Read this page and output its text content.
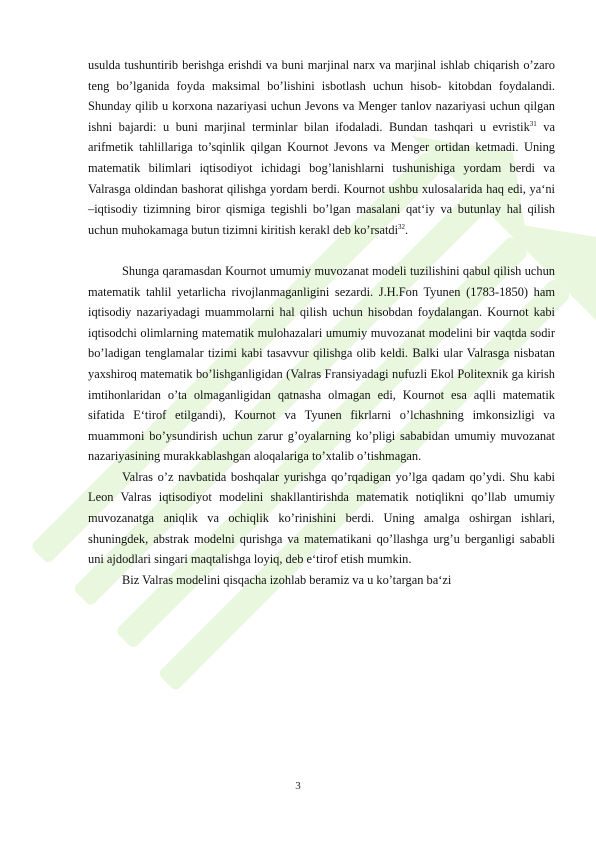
usulda tushuntirib berishga erishdi va buni marjinal narx va marjinal ishlab chiqarish o’zaro teng bo’lganida foyda maksimal bo’lishini isbotlash uchun hisob- kitobdan foydalandi. Shunday qilib u korxona nazariyasi uchun Jevons va Menger tanlov nazariyasi uchun qilgan ishni bajardi: u buni marjinal terminlar bilan ifodaladi. Bundan tashqari u evristik$^{31}$ va arifmetik tahlillariga to’sqinlik qilgan Kournot Jevons va Menger ortidan ketmadi. Uning matematik bilimlari iqtisodiyot ichidagi bog’lanishlarni tushunishiga yordam berdi va Valrasga oldindan bashorat qilishga yordam berdi. Kournot ushbu xulosalarida haq edi, ya‘ni –iqtisodiy tizimning biror qismiga tegishli bo’lgan masalani qat‘iy va butunlay hal qilish uchun muhokamaga butun tizimni kiritish kerakl deb ko’rsatdi$^{32}$.

Shunga qaramasdan Kournot umumiy muvozanat modeli tuzilishini qabul qilish uchun matematik tahlil yetarlicha rivojlanmaganligini sezardi. J.H.Fon Tyunen (1783-1850) ham iqtisodiy nazariyadagi muammolarni hal qilish uchun hisobdan foydalangan. Kournot kabi iqtisodchi olimlarning matematik mulohazalari umumiy muvozanat modelini bir vaqtda sodir bo’ladigan tenglamalar tizimi kabi tasavvur qilishga olib keldi. Balki ular Valrasga nisbatan yaxshiroq matematik bo’lishganligidan (Valras Fransiyadagi nufuzli Ekol Politexnik ga kirish imtihonlaridan o’ta olmaganligidan qatnasha olmagan edi, Kournot esa aqlli matematik sifatida E‘tirof etilgandi), Kournot va Tyunen fikrlarni o’lchashning imkonsizligi va muammoni bo’ysundirish uchun zarur g’oyalarning ko’pligi sababidan umumiy muvozanat nazariyasining murakkablashgan aloqalariga to’xtalib o’tishmagan.

Valras o’z navbatida boshqalar yurishga qo’rqadigan yo’lga qadam qo’ydi. Shu kabi Leon Valras iqtisodiyot modelini shakllantirishda matematik notiqlikni qo’llab umumiy muvozanatga aniqlik va ochiqlik ko’rinishini berdi. Uning amalga oshirgan ishlari, shuningdek, abstrak modelni qurishga va matematikani qo’llashga urg’u berganligi sababli uni ajdodlari singari maqtalishga loyiq, deb e‘tirof etish mumkin.

Biz Valras modelini qisqacha izohlab beramiz va u ko’targan ba‘zi

3
